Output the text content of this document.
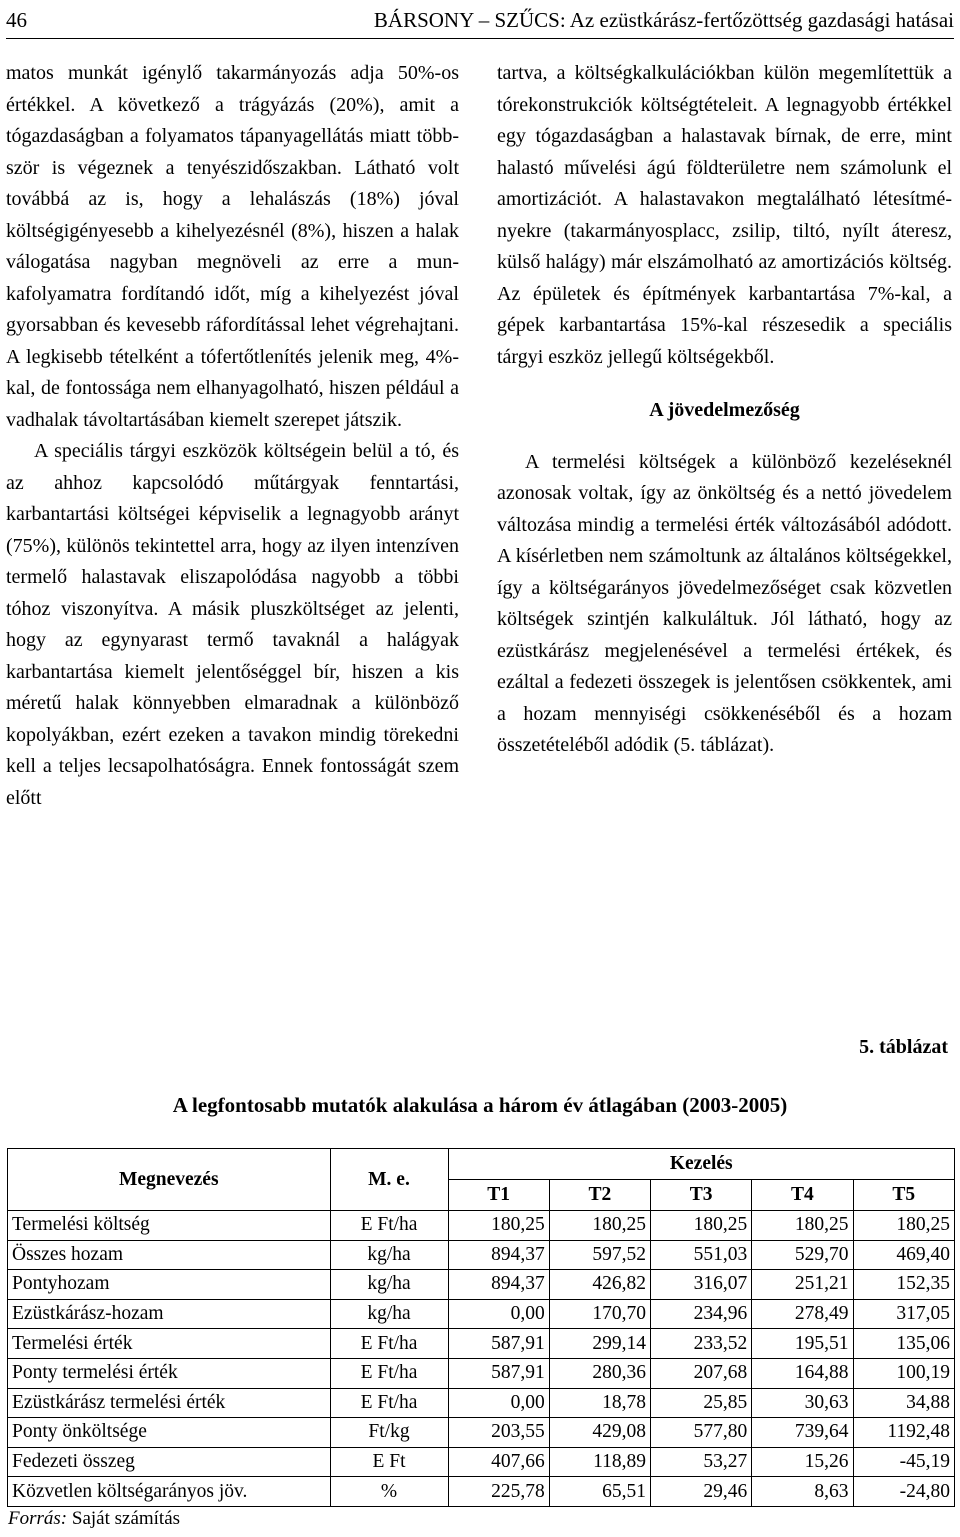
46	BÁRSONY – SZŰCS: Az ezüstkárász-fertőzöttség gazdasági hatásai

matos munkát igénylő takarmányozás adja 50%-os értékkel. A következő a trágyázás (20%), amit a tógazdaságban a folyamatos tápanyagellátás miatt többször is végeznek a tenyészidőszakban. Látható volt továbbá az is, hogy a lehalászás (18%) jóval költségigényesebb a kihelyezésnél (8%), hiszen a halak válogatása nagyban megnöveli az erre a munkafolyamatra fordítandó időt, míg a kihelyezést jóval gyorsabban és kevesebb ráfordítással lehet végrehajtani. A legkisebb tételként a tófertőtlenítés jelenik meg, 4%-kal, de fontossága nem elhanyagolható, hiszen például a vadhalak távoltartásában kiemelt szerepet játszik.

A speciális tárgyi eszközök költségein belül a tó, és az ahhoz kapcsolódó műtárgyak fenntartási, karbantartási költségei képviselik a legnagyobb arányt (75%), különös tekintettel arra, hogy az ilyen intenzíven termelő halastavak eliszapolódása nagyobb a többi tóhoz viszonyítva. A másik pluszköltséget az jelenti, hogy az egynyarast termő tavaknál a halágyak karbantartása kiemelt jelentőséggel bír, hiszen a kis méretű halak könnyebben elmaradnak a különböző kopolyákban, ezért ezeken a tavakon mindig törekedni kell a teljes lecsapolhatóságra. Ennek fontosságát szem előtt

tartva, a költségkalkulációkban külön megemlítettük a tórekonstrukciók költségtételeit. A legnagyobb értékkel egy tógazdaságban a halastavak bírnak, de erre, mint halastó művelési ágú földterületre nem számolunk el amortizációt. A halastavakon megtalálható létesítményekre (takarmányosplacc, zsilip, tiltó, nyílt áteresz, külső halágy) már elszámolható az amortizációs költség. Az épületek és építmények karbantartása 7%-kal, a gépek karbantartása 15%-kal részesedik a speciális tárgyi eszköz jellegű költségekből.

A jövedelmezőség

A termelési költségek a különböző kezeléseknél azonosak voltak, így az önköltség és a nettó jövedelem változása mindig a termelési érték változásából adódott. A kísérletben nem számoltunk az általános költségekkel, így a költségarányos jövedelmezőséget csak közvetlen költségek szintjén kalkuláltuk. Jól látható, hogy az ezüstkárász megjelenésével a termelési értékek, és ezáltal a fedezeti összegek is jelentősen csökkentek, ami a hozam mennyiségi csökkenéséből és a hozam összetételéből adódik (5. táblázat).

5. táblázat
A legfontosabb mutatók alakulása a három év átlagában (2003-2005)
Megnevezés	M. e.	Kezelés				
		T1	T2	T3	T4	T5
Termelési költség	E Ft/ha	180,25	180,25	180,25	180,25	180,25
Összes hozam	kg/ha	894,37	597,52	551,03	529,70	469,40
Pontyhozam	kg/ha	894,37	426,82	316,07	251,21	152,35
Ezüstkárász-hozam	kg/ha	0,00	170,70	234,96	278,49	317,05
Termelési érték	E Ft/ha	587,91	299,14	233,52	195,51	135,06
Ponty termelési érték	E Ft/ha	587,91	280,36	207,68	164,88	100,19
Ezüstkárász termelési érték	E Ft/ha	0,00	18,78	25,85	30,63	34,88
Ponty önköltsége	Ft/kg	203,55	429,08	577,80	739,64	1192,48
Fedezeti összeg	E Ft	407,66	118,89	53,27	15,26	-45,19
Közvetlen költségarányos jöv.	%	225,78	65,51	29,46	8,63	-24,80
Forrás: Saját számítás
